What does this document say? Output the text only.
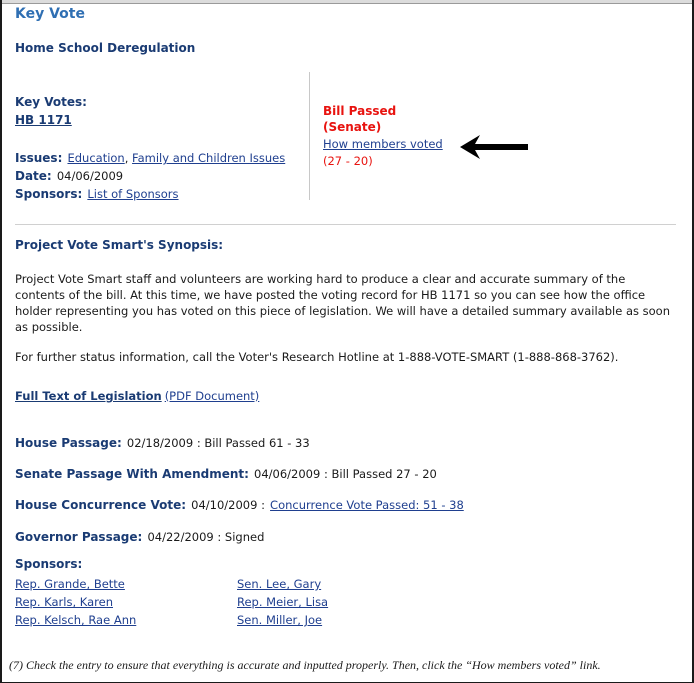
Key Vote
Home School Deregulation
Key Votes:
HB 1171
Issues: Education, Family and Children Issues
Date: 04/06/2009
Sponsors: List of Sponsors
Bill Passed
(Senate)
How members voted
(27 - 20)
Project Vote Smart's Synopsis:
Project Vote Smart staff and volunteers are working hard to produce a clear and accurate summary of the contents of the bill. At this time, we have posted the voting record for HB 1171 so you can see how the office holder representing you has voted on this piece of legislation. We will have a detailed summary available as soon as possible.
For further status information, call the Voter's Research Hotline at 1-888-VOTE-SMART (1-888-868-3762).
Full Text of Legislation (PDF Document)
House Passage: 02/18/2009 : Bill Passed 61 - 33
Senate Passage With Amendment: 04/06/2009 : Bill Passed 27 - 20
House Concurrence Vote: 04/10/2009 : Concurrence Vote Passed: 51 - 38
Governor Passage: 04/22/2009 : Signed
Sponsors:
Rep. Grande, Bette
Rep. Karls, Karen
Rep. Kelsch, Rae Ann
Sen. Lee, Gary
Rep. Meier, Lisa
Sen. Miller, Joe
(7) Check the entry to ensure that everything is accurate and inputted properly. Then, click the “How members voted” link.
